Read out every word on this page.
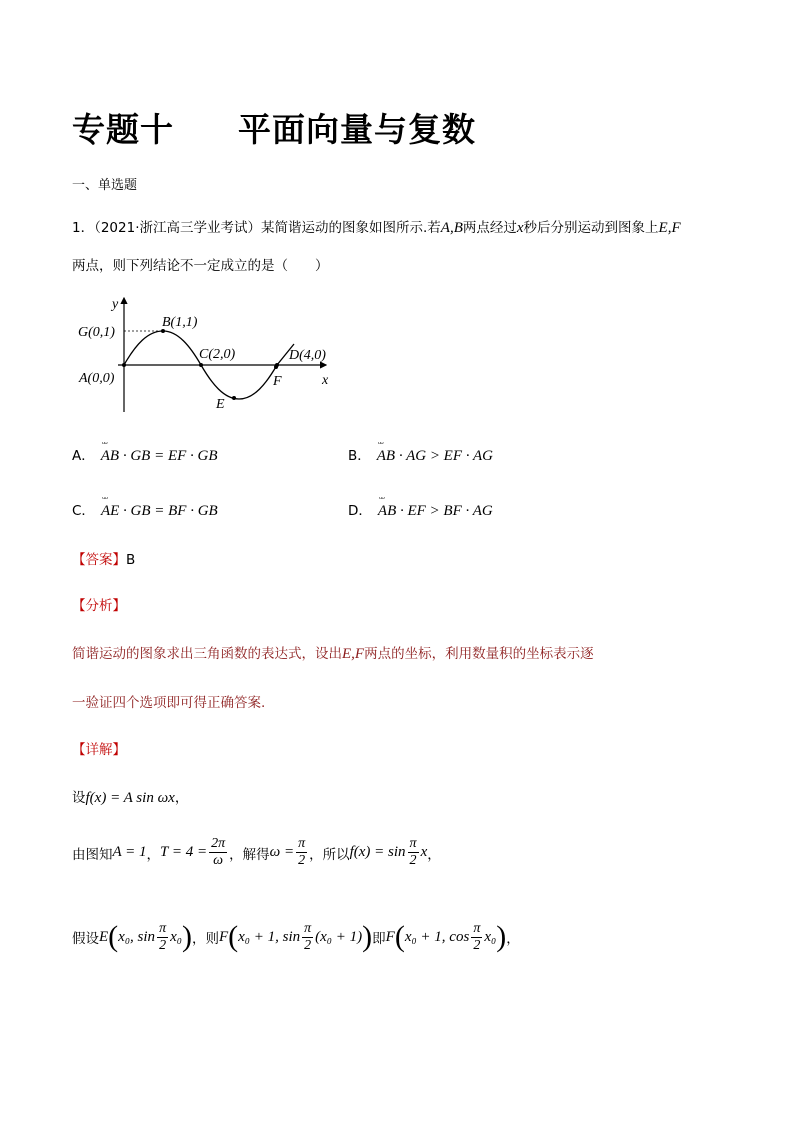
专题十 平面向量与复数
一、单选题
1．（2021·浙江高三学业考试）某简谐运动的图象如图所示.若A,B两点经过x秒后分别运动到图象上E,F
两点，则下列结论不一定成立的是（　　）
y
x
G(0,1)
B(1,1)
C(2,0)	D(4,0)
A(0,0)
E
F
A． ᴗᴗ AB · GB = EF · GB	B． ᴗᴗ AB · AG > EF · AG
C． ᴗᴗ AE · GB = BF · GB	D． ᴗᴗ AB · EF > BF · AG
【答案】B
【分析】
简谐运动的图象求出三角函数的表达式，设出E,F两点的坐标，利用数量积的坐标表示逐
一验证四个选项即可得正确答案.
【详解】
设f(x) = A sin ωx，
由图知 A = 1 ， $T = 4 = \frac{2\pi}{\omega}$ ，解得 $\omega = \frac{\pi}{2}$ ，所以 $f(x) = \sin \frac{\pi}{2}$ x ，
假设 E ( x₀, $\sin \frac{\pi}{2} x_0$ ) ，则 F ( x₀ + 1, $\sin \frac{\pi}{2} (x_0 + 1)$ ) 即 F ( x₀ + 1, $\cos \frac{\pi}{2} x_0$ ) ，
